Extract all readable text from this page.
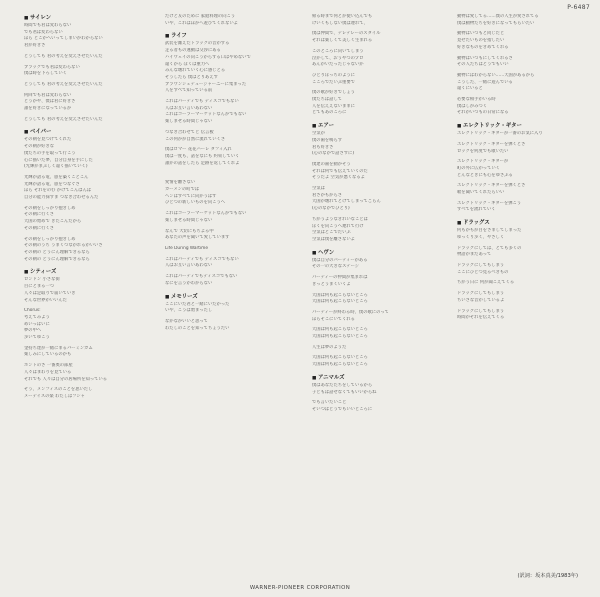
P-6487
■ サイレン
時間でも君は変わらない
でも君は変わらない
ほら どこかへいってしまいかわからない
君が好きさ
どうしても 君の考えを変えさせたいんだ
ブラックでも君は変わらない
僕は時を下ろしていく
どうしても 君の考えを変えさせたいんだ
何回でも君は変わらない
どうかや、僕は君に好きさ
誰を好きになっているか
どうしても 君の考えを変えさせたいんだ
■ ベイパー
その朝を見つけてくれた
その朝が好きな
僕たちの手を取って行こう
心に描いた夢、自分自身を手にした
(光輝がまぶしく遠く描いていく)
光輝が語る電、旅を築くことこん
光輝が語る電、旅をつなぐさ
ほら それをのむ かけてこんばんは
自分の能力探すま つなぎ合わせるんだ
その朝をしっかり抱きしめ
その朝に行くさ
天国の始めで きたこんだから
その朝に行くさ
その朝をしっかり抱きしめ
その朝のうち うまくつながれるがいいさ
その朝の どうにん理解できるなら
その朝の どうにん理解できるなら
■ シティーズ
ロンドン 小さな街
目にとまる一つ
人々は足取りで届いていき
そんな世界がいいんだ
Chorus:
考えてみよう
めいっぱいに
夢の中へ
歩いてゆこう
金持ち達が一緒にまるバーミンガム
楽しみにしているのかも
ホントのさ 一番奥の部屋
人々はまわりを見ている
それでも 人々は自分の居場所を知っている
そう、メンフィスのことを思いだし
メーデイスの楽 わたしはフシャ
だけど友のために 家庭料理の向こう
いや、これはほかへ遊びてくれないよ
■ ライフ
武装を雑えだトラックの音がする
走る者もの運動は交渉にある
ハイウェイの向こうからする口はやめないで
遠くから ぼくは重力へ
みんな壊れていく心に感じとる
そうしたら 僕はとりあえず
ブラウンシュテュージャーニーに集まった
人をすべて知っている前
これはパーティでも ディスコでもない
人はお互い言いあわない
これはコーラーマーケットなんかでもない
楽しませる時間じゃない
つなぎ合わせてと 伝言板
この何かが自然に流れていくさ
僕はロマー 花花ハーレ タフィ入れ
僕は一度も、話をなにも 約束していく
誰かの話をしたら 足跡を返してくれよ
愛情を離さない
カーメンの町では
ヘンはすべてに向かうはず
ひとつの新しいものを向こうへ
これはコーラーマーケットなんかでもない
楽しませる時間じゃない
なんで 大切にもちよる中
あなたの声を聞いて愛しています
Life During Wartime
これはパーティでも ディスコでもない
人はお互い言いあわない
これはパーティでもディスコでもない
なにを言うかわからない
■ メモリーズ
ここにいた君と一緒にいたかった
いや、こうは始まったし
なかなかいいと思って
わたしのことを知ってちょうだい
帰る時まで何とか使い込んでも
けいくもしない僕は連れて、
僕は仲間で、テレテレーのスタイル
それは楽しくて美しく生まれる
このところに向いてしまう
泣かして、おうやつのプロ
あんがいだったじゃないか
ひとりぼっちのように
こころでだいぶ重要で
僕の歌が好きでしょう
僕たちは話して
人を伝ええないままに
とてもあのころに
■ エアー
空気が
僕の歯を鳴らす
君も好きさ
(心のなかで話さずに)
僕達の歯を動かそう
それは何でも伝えていくのだ
そうだよ 空気が悪くなるよ
空気は
君さかもからさ
天国が壊れてとけてしまってごらん
(心のなかでひとり)
ちがうようなきれいなことは
ぼくを向こうへ連れて行け
空気はどこでだいぶ
空気は僕を離さないよ
■ ヘヴン
僕は自分のパーティーがある
その一の大きなステージ
パーティーの仲間が集まれば
きっとうまくいくよ
天国は何も起こらないところ
天国は何も起こらないところ
パーティーが終わる時、僕の歌にのって
ほらそこにいてくれる
天国は何も起こらないところ
天国は何も起こらないところ
人生は夢のようだ
天国は何も起こらないところ
天国は何も起こらないところ
■ アニマルズ
僕はあなたたちをしているから
子どもは話せなくてもいいからね
でも言いたいこと
そいつはどうでもいいところに
動物は愛してる……僕の人生が愛されてる
僕は動物たちを好きになってもらいたい
動物はいつもと同じだと
見せたいものを指したい
好きなものをきめてくれる
動物はいつもにしてくれるさ
その人たちはどうでもいい
動物にはわからない……天国があるから
こうした、一緒に遊んでいる
遠くにいると
必要な相手がいる時
僕はしがみつく
それがいつもの日常になる
■ エレクトリック・ギター
エレクトリック・ギターが一番のお気に入り
エレクトリック・ギターを弾くとさ
ロックを何度でも歌いたい
エレクトリック・ギターが
町の外に広がっていく
どんなときにも心をゆさぶる
エレクトリック・ギターを弾くとさ
歌を聞いてくれたらいい
エレクトリック・ギターを弾こう
すべてを流れていく
■ ドラッグス
何もかもが目をさましてしまった
ゆっくり歩く、やさしく
ドラッグにしては、とても多くの
物語がまだあって
ドラッグにしてもしまう
ここにひとつ見るべきもの
ちがう日に 何が聞こえてくる
ドラッグにしてもしまう
ちいさな音がしているよ
ドラッグにしてもしまう
時間がそれを伝えてくる
(訳詞：坂本真美/1983年)
WARNER-PIONEER CORPORATION
